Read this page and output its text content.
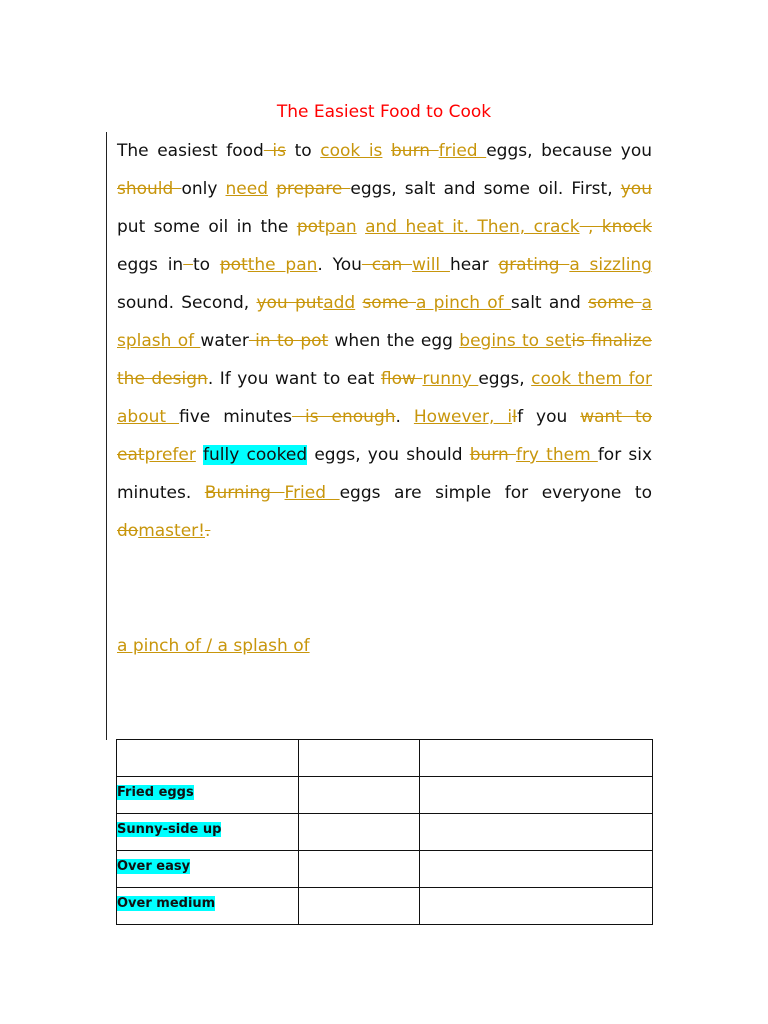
The Easiest Food to Cook

The easiest food is to cook is burn fried eggs, because you should only need prepare eggs, salt and some oil. First, you put some oil in the potpan and heat it. Then, crack , knock eggs in to potthe pan. You can will hear grating a sizzling sound. Second, you putadd some a pinch of salt and some a splash of water in to pot when the egg begins to setis finalize the design. If you want to eat flow runny eggs, cook them for about five minutes is enough. However, iIf you want to eatprefer fully cooked eggs, you should burn fry them for six minutes. Burning Fried eggs are simple for everyone to domaster!.

a pinch of / a splash of

Fried eggs		
Sunny-side up		
Over easy		
Over medium		
